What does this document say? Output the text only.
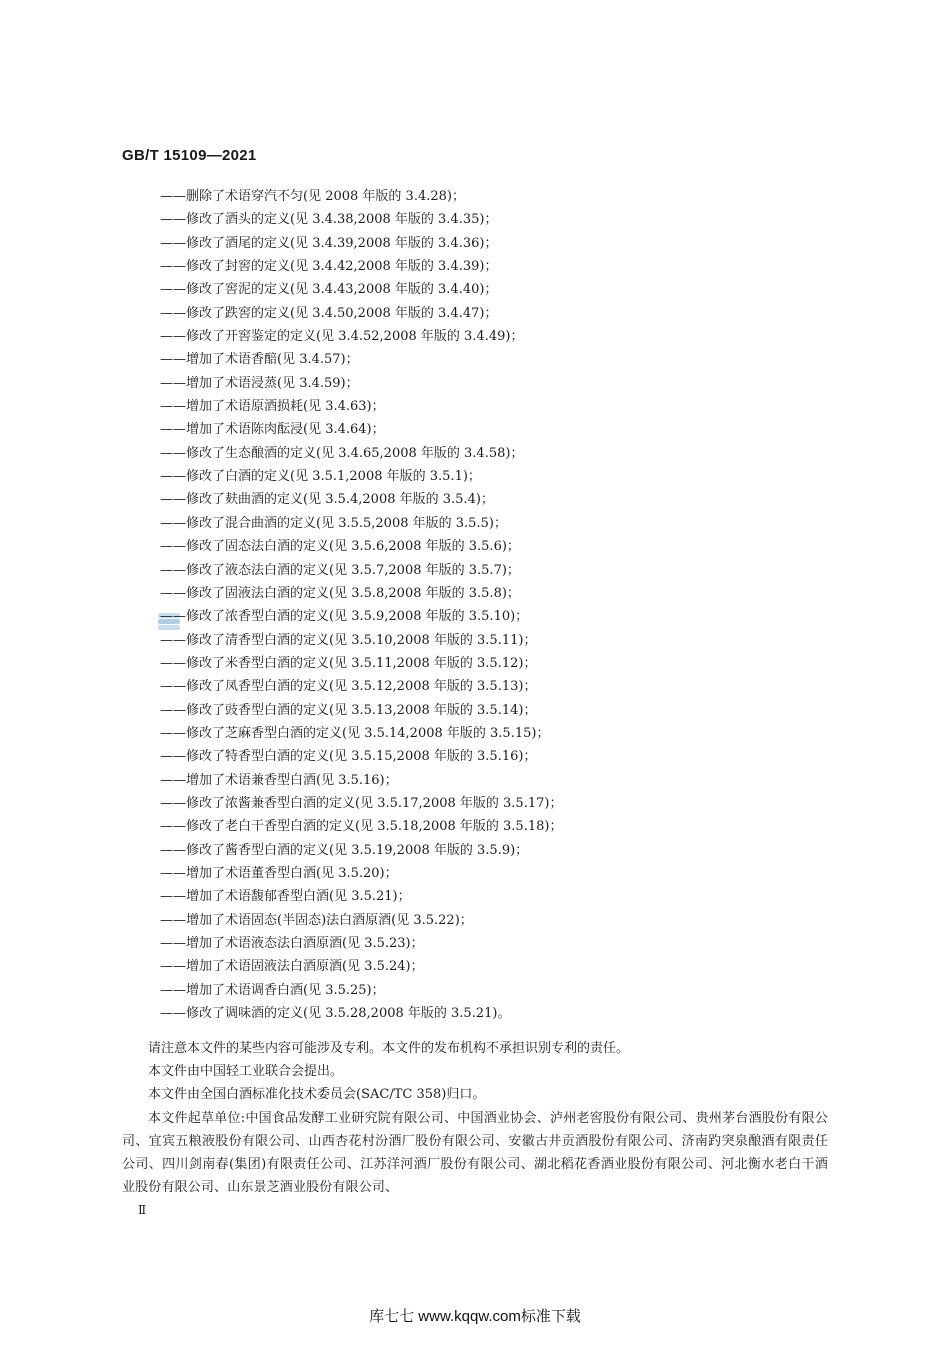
GB/T 15109—2021
——删除了术语穿汽不匀(见 2008 年版的 3.4.28)；
——修改了酒头的定义(见 3.4.38,2008 年版的 3.4.35)；
——修改了酒尾的定义(见 3.4.39,2008 年版的 3.4.36)；
——修改了封窖的定义(见 3.4.42,2008 年版的 3.4.39)；
——修改了窖泥的定义(见 3.4.43,2008 年版的 3.4.40)；
——修改了跌窖的定义(见 3.4.50,2008 年版的 3.4.47)；
——修改了开窖鉴定的定义(见 3.4.52,2008 年版的 3.4.49)；
——增加了术语香醅(见 3.4.57)；
——增加了术语浸蒸(见 3.4.59)；
——增加了术语原酒损耗(见 3.4.63)；
——增加了术语陈肉酝浸(见 3.4.64)；
——修改了生态酿酒的定义(见 3.4.65,2008 年版的 3.4.58)；
——修改了白酒的定义(见 3.5.1,2008 年版的 3.5.1)；
——修改了麸曲酒的定义(见 3.5.4,2008 年版的 3.5.4)；
——修改了混合曲酒的定义(见 3.5.5,2008 年版的 3.5.5)；
——修改了固态法白酒的定义(见 3.5.6,2008 年版的 3.5.6)；
——修改了液态法白酒的定义(见 3.5.7,2008 年版的 3.5.7)；
——修改了固液法白酒的定义(见 3.5.8,2008 年版的 3.5.8)；
——修改了浓香型白酒的定义(见 3.5.9,2008 年版的 3.5.10)；
——修改了清香型白酒的定义(见 3.5.10,2008 年版的 3.5.11)；
——修改了米香型白酒的定义(见 3.5.11,2008 年版的 3.5.12)；
——修改了凤香型白酒的定义(见 3.5.12,2008 年版的 3.5.13)；
——修改了豉香型白酒的定义(见 3.5.13,2008 年版的 3.5.14)；
——修改了芝麻香型白酒的定义(见 3.5.14,2008 年版的 3.5.15)；
——修改了特香型白酒的定义(见 3.5.15,2008 年版的 3.5.16)；
——增加了术语兼香型白酒(见 3.5.16)；
——修改了浓酱兼香型白酒的定义(见 3.5.17,2008 年版的 3.5.17)；
——修改了老白干香型白酒的定义(见 3.5.18,2008 年版的 3.5.18)；
——修改了酱香型白酒的定义(见 3.5.19,2008 年版的 3.5.9)；
——增加了术语董香型白酒(见 3.5.20)；
——增加了术语馥郁香型白酒(见 3.5.21)；
——增加了术语固态(半固态)法白酒原酒(见 3.5.22)；
——增加了术语液态法白酒原酒(见 3.5.23)；
——增加了术语固液法白酒原酒(见 3.5.24)；
——增加了术语调香白酒(见 3.5.25)；
——修改了调味酒的定义(见 3.5.28,2008 年版的 3.5.21)。
请注意本文件的某些内容可能涉及专利。本文件的发布机构不承担识别专利的责任。
本文件由中国轻工业联合会提出。
本文件由全国白酒标准化技术委员会(SAC/TC 358)归口。
本文件起草单位:中国食品发酵工业研究院有限公司、中国酒业协会、泸州老窖股份有限公司、贵州茅台酒股份有限公司、宜宾五粮液股份有限公司、山西杏花村汾酒厂股份有限公司、安徽古井贡酒股份有限公司、济南趵突泉酿酒有限责任公司、四川剑南春(集团)有限责任公司、江苏洋河酒厂股份有限公司、湖北稻花香酒业股份有限公司、河北衡水老白干酒业股份有限公司、山东景芝酒业股份有限公司、
Ⅱ
库七七 www.kqqw.com标准下载
